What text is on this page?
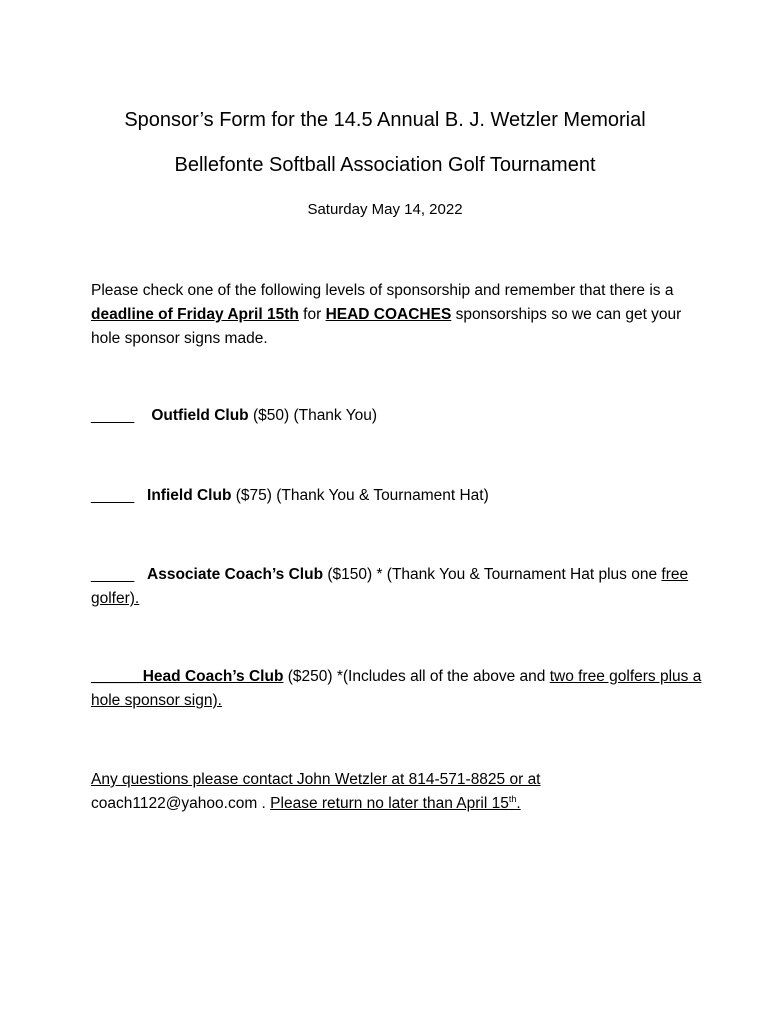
Sponsor’s Form for the 14.5 Annual B. J. Wetzler Memorial
Bellefonte Softball Association Golf Tournament
Saturday May 14, 2022
Please check one of the following levels of sponsorship and remember that there is a deadline of Friday April 15th for HEAD COACHES sponsorships so we can get your hole sponsor signs made.
_____ Outfield Club ($50) (Thank You)
_____ Infield Club ($75) (Thank You & Tournament Hat)
_____ Associate Coach’s Club ($150) * (Thank You & Tournament Hat plus one free golfer).
______Head Coach’s Club ($250) *(Includes all of the above and two free golfers plus a hole sponsor sign).
Any questions please contact John Wetzler at 814-571-8825 or at
coach1122@yahoo.com . Please return no later than April 15th.
